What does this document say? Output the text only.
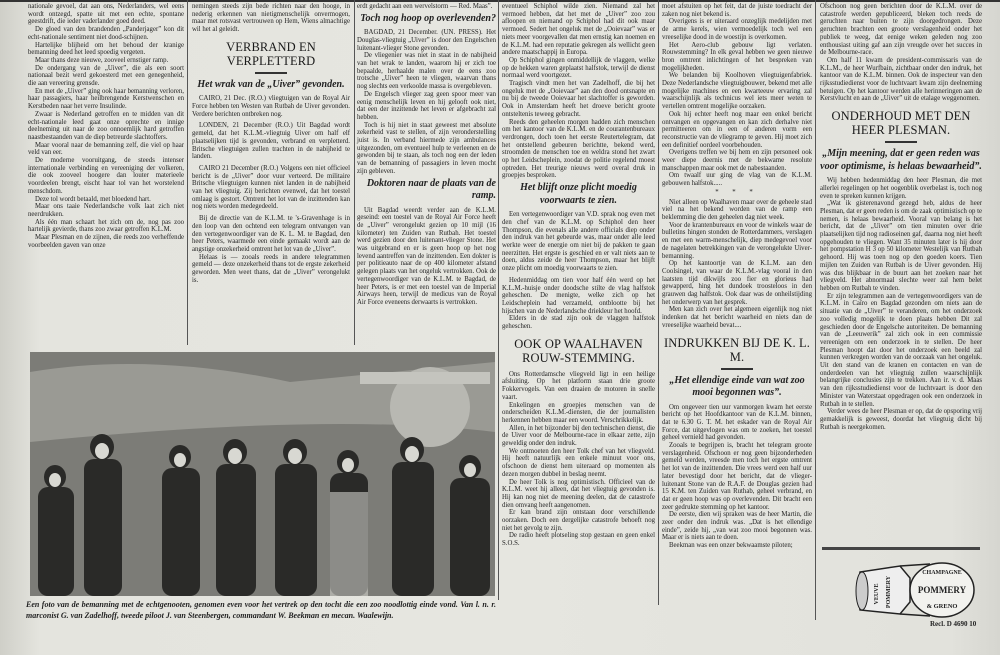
nationale gevoel, dat aan ons, Nederlanders, wel eens wordt ontzegd, spatte uit met een echte, spontane geestdrift, die ieder vaderlander goed deed.

De gloed van den brandenden „Panderjager” kon dit echt-nationale sentiment niet dood-schijnen.

Hartelijke blijheid om het behoud der kranige bemanning deed het leed spoedig vergeten.

Maar thans deze nieuwe, zooveel ernstiger ramp.

De ondergang van de „Uiver”, die als een soort nationaal bezit werd gekoesterd met een genegenheid, die aan vereering grensde.

En met de „Uiver” ging ook haar bemanning verloren, haar passagiers, haar heilbrengende Kerstwenschen en Kerstbeden naar het verre Insulinde.

Zwaar is Nederland getroffen en te midden van dit echt-nationale leed gaat onze oprechte en innige deelneming uit naar de zoo onnoemlijk hard getroffen naastbestaanden van de diep betreurde slachtoffers.

Maar vooral naar de bemanning zelf, die viel op haar veld van eer.

De moderne vooruitgang, de steeds intenser internationale verbinding en vereeniging der volkeren, die ook zooveel hoogere dan louter materieele voordeelen brengt, eischt haar tol van het worstelend menschdom.

Deze tol wordt betaald, met bloedend hart.

Maar ons taaie Nederlandsche volk laat zich niet neerdrukken.

Als één man schaart het zich om de, nog pas zoo hartelijk gevierde, thans zoo zwaar getroffen K.L.M.

Maar Plesman en de zijnen, die reeds zoo verheffende voorbeelden gaven van onze

nemingen steeds zijn bede richten naar den hooge, in nederig erkennen van nietigmenschelijk onvermogen, maar met rotsvast vertrouwen op Hem, Wiens almachtige wil het al geleidt.

VERBRAND EN VERPLETTERD
Het wrak van de „Uiver” gevonden.

CAIRO, 21 Dec. (R.O.) vliegtuigen van de Royal Air Force hebben ten Westen van Rutbah de Uiver gevonden. Verdere berichten ontbreken nog.

LONDEN, 21 December (R.O.) Uit Bagdad wordt gemeld, dat het K.L.M.-vliegtuig Uiver om half elf plaatselijken tijd is gevonden, verbrand en verpletterd. Britsche vliegtuigen zullen trachten in de nabijheid te landen.

CAIRO 21 December (R.O.) Volgens een niet officieel bericht is de „Uiver” door vuur verteerd. De militaire Britsche vliegtuigen kunnen niet landen in de nabijheid van het vliegtuig. Zij berichten evenwel, dat het toestel omlaag is gestort. Omtrent het lot van de inzittenden kan nog niets worden medegedeeld.

Bij de directie van de K.L.M. te 's-Gravenhage is in den loop van den ochtend een telegram ontvangen van den vertegenwoordiger van de K. L. M. te Bagdad, den heer Peters, waarmede een einde gemaakt wordt aan de angstige onzekerheid omtrent het lot van de „Uiver”.

Helaas is — zooals reeds in andere telegrammen gemeld — deze onzekerheid thans tot de ergste zekerheid geworden. Men weet thans, dat de „Uiver” verongelukt is.

erdt gedacht aan een wervelstorm — Red. Maas”.

Toch nog hoop op overlevenden?

BAGDAD, 21 December. (UN. PRESS). Het Douglas-vliegtuig „Uiver” is door den Engelschen luitenant-vlieger Stone gevonden.

De vliegenier was niet in staat in de nabijheid van het wrak te landen, waarom hij er zich toe bepaalde, herhaalde malen over de eens zoo trotsche „Uiver” heen te vliegen, waarvan thans nog slechts een verkoolde massa is overgebleven.

De Engelsch vlieger zag geen spoor meer van eenig menschelijk leven en hij gelooft ook niet, dat een der inzittende het leven er afgebracht zal hebben.

Toch is hij niet in staat geweest met absolute zekerheid vast te stellen, of zijn veronderstelling juist is. In verband hiermede zijn ambulances uitgezonden, om eventueel hulp te verleenen en de gewonden bij te staan, als toch nog een der leden van de bemanning of passagiers in leven mocht zijn gebleven.

Doktoren naar de plaats van de ramp.

Uit Bagdad weerdt verder aan de K.L.M. geseind: een toestel van de Royal Air Force heeft de „Uiver” verongelukt gezien op 10 mijl (16 kilometer) ten Zuiden van Rutbah. Het toestel werd gezien door den luitenant-vlieger Stone. Het was uitgebrand en er is geen hoop op het nog levend aantreffen van de inzittenden. Een dokter is per politieauto naar de op 400 kilometer afstand gelegen plaats van het ongeluk vertrokken. Ook de vertegenwoordiger van de K.L.M. te Bagdad, de heer Peters, is er met een toestel van de Imperial Airways heen, terwijl de medicus van de Royal Air Force eveneens derwaarts is vertrokken.

eventueel Schiphol wilde zien. Niemand zal het vermoed hebben, dat het met de „Uiver” zoo zou afloopen en niemand op Schiphol had dit ook maar vermoed. Sedert het ongeluk met de „Ooievaar” was er niets meer voorgevallen dat men ernstig kan noemen en de K.L.M. had een reputatie gekregen als wellicht geen andere maatschappij in Europa.

Op Schiphol gingen onmiddellijk de vlaggen, welke op de hekken waren geplaatst halfstok, terwijl de dienst normaal werd voortgezet.

Tragisch vindt men het van Zadelhoff, die bij het ongeluk met de „Ooievaar” aan den dood ontsnapte en nu bij de tweede Ooievaar het slachtoffer is geworden. Ook in Amsterdam heeft het droeve bericht groote ontsteltenis teweeg gebracht.

Reeds den geheelen morgen hadden zich menschen om het kantoor van de K.L.M. en de courantenbureaux verdrongen, doch toen het eerste Reutertelegram, dat het ontstellend gebeuren berichtte, bekend werd, stroomden de menschen toe en weldra stond het zwart op het Leidscheplein, zoodat de politie regelend moest optreden. Het treurige nieuws werd overal druk in groepjes besproken.

Het blijft onze plicht moedig voorwaarts te zien.

Een vertegenwoordiger van V.D. sprak nog even met den chef van de K.L.M. op Schiphol den heer Thompson, die evenals alle andere officials diep onder den indruk van het gebeurde was, maar onder alle leed werkte weer de energie om niet bij de pakken te gaan neerzitten. Het ergste is geschied en er valt niets aan te doen, aldus zeide de heer Thompson, maar het blijft onze plicht om moedig voorwaarts te zien.

Hedenmiddag om tien voor half één werd op het K.L.M.-huisje onder doodsche stilte de vlag halfstok geheschen. De menigte, welke zich op het Leidscheplein had verzameld, ontblootte bij het hijschen van de Nederlandsche driekleur het hoofd.

Elders in de stad zijn ook de vlaggen halfstok geheschen.

OOK OP WAALHAVEN ROUW-STEMMING.

Ons Rotterdamsche vliegveld ligt in een heilige afsluiting. Op het platform staan drie groote Fokkervogels. Van een draaien de motoren in snelle vaart.

Enkelingen en groepjes menschen van de onderscheiden K.L.M.-diensten, die der journalisten herkennen hebben maar een woord. Verschrikkelijk.

Allen, in het bijzonder bij den technischen dienst, die de Uiver voor de Melbourne-race in elkaar zette, zijn geweldig onder den indruk.

We ontmoeten den heer Tolk chef van het vliegveld. Hij heeft natuurlijk een enkele minuut voor ons, ofschoon de dienst hem uiteraard op momenten als dezen morgen dubbel in beslag neemt.

De heer Tolk is nog optimistisch. Officieel van de K.L.M. weet hij alleen, dat het vliegtuig gevonden is. Hij kan nog niet de meening deelen, dat de catastrofe dien omvang heeft aangenomen.

Er kan brand zijn ontstaan door verschillende oorzaken. Doch een dergelijke catastrofe behoeft nog niet het gevolg te zijn.

De radio heeft plotseling stop gestaan en geen enkel S.O.S.

moet afstuiten op het feit, dat de juiste toedracht der zaken nog niet bekend is.

Overigens is er uiteraard onzeglijk medelijden met de arme kerels, wien vermoedelijk toch wel een vreeselijke dood in de woestijn is overkomen.

Het Aero-club gebouw ligt verlaten. Rouwstemming? In elk geval hebben we geen nieuwe bron omtrent inlichtingen of het bespreken van mogelijkheden.

We belanden bij Koolhoven vliegtuigenfabriek. Deze Nederlandsche vliegtuigbouwer, bekend met alle mogelijke machines en een kwarteeuw ervaring zal waarschijnlijk als technicus wel iets meer weten te vertellen omtrent mogelijke oorzaken.

Ook hij echter heeft nog maar een enkel bericht ontvangen en opgevangen en kan zich derhalve niet permitteeren om in een of anderen vorm een reconstructie van de vliegramp te geven. Hij moet zich een definitief oordeel voorbehouden.

Overigens treffen we bij hem en zijn personeel ook weer diepe deernis met de bekwame resolute manschappen maar ook met de nabestaanden.

Om twaalf uur ging de vlag van de K.L.M. gebouwen halfstok.....

* * *

Niet alleen op Waalhaven maar over de geheele stad viel na het bekend worden van de ramp een beklemming die den geheelen dag niet week.

Voor de krantenbureaux en voor de winkels waar de bulletins hingen stonden de Rotterdammers, verslagen en met een warm-menschelijk, diep medegevoel voor de nagelaten betrekkingen van de verongelukte Uiver-bemanning.

Op het kantoortje van de K.L.M. aan den Coolsingel, van waar de K.L.M.-vlag vooral in den laatsten tijd dikwijls zoo fier en glorieus had gewapperd, hing het dundoek troosteloos in den grauwen dag halfstok. Ook daar was de onheilstijding het onderwerp van het gesprek.

Men kan zich over het algemeen eigenlijk nog niet indenken dat het bericht waarheid en niets dan de vreeselijke waarheid bevat....

INDRUKKEN BIJ DE K. L. M.
„Het ellendige einde van wat zoo mooi begonnen was”.

Om ongeveer tien uur vanmorgen kwam het eerste bericht op het Hoofdkantoor van de K.L.M. binnen, dat te 6.30 G. T. M. het eskader van de Royal Air Force, dat uitgevlogen was om te zoeken, het toestel geheel vernield had gevonden.

Zooals te begrijpen is, bracht het telegram groote verslagenheid. Ofschoon er nog geen bijzonderheden gemeld werden, vreesde men toch het ergste omtrent het lot van de inzittenden. Die vrees werd een half uur later bevestigd door het bericht, dat de vlieger-luitenant Stone van de R.A.F. de Douglas gezien had 15 K.M. ten Zuiden van Ruthab, geheel verbrand, en dat er geen hoop was op overlevenden. Dit bracht een zeer gedrukte stemming op het kantoor.

De eerste, dien wij spraken was de heer Martin, die zeer onder den indruk was. „Dat is het ellendige einde”, zeide hij, „van wat zoo mooi begonnen was. Maar er is niets aan te doen.

Beekman was een onzer bekwaamste piloten;

Ofschoon nog geen berichten door de K.L.M. over de catastrofe werden gepubliceerd, bleken toch reeds de geruchten naar buiten te zijn doorgedrongen. Deze geruchten brachten een groote verslagenheid onder het publiek te weeg, dat eenige weken geleden nog zoo enthousiast uiting gaf aan zijn vreugde over het succes in de Melbourne-race.

Om half 11 kwam de president-commissaris van de K.L.M., de heer Wurfbain, zichtbaar onder den indruk, het kantoor van de K.L.M. binnen. Ook de inspecteur van den rijksstudiedienst voor de luchtvaart kwam zijn deelneming betuigen. Op het kantoor werden alle herinneringen aan de Kerstvlucht en aan de „Uiver” uit de etalage weggenomen.

ONDERHOUD MET DEN HEER PLESMAN.
„Mijn meening, dat er geen reden was voor optimisme, is helaas bewaarheid”.

Wij hebben hedenmiddag den heer Plesman, die met allerlei regelingen op het oogenblik overbelast is, toch nog even te spreken kunnen krijgen.

„Wat ik gisterenavond gezegd heb, aldus de heer Plesman, dat er geen reden is om de zaak optimistisch op te nemen, is helaas bewaarheid. Vooral van belang is het bericht, dat de „Uiver” om tien minuten over drie plaatselijken tijd nog radioseinen gaf, daarna nog niet heeft opgehouden te vliegen. Want 35 minuten later is hij door het pompstation H 3 op 50 kilometer Westelijk van Rutbah gehoord. Hij was toen nog op den goeden koers. Tien mijlen ten Zuiden van Rutbah is de Uiver gevonden. Hij was dus blijkbaar in de buurt aan het zoeken naar het vliegveld. Het abnormaal slechte weer zal hem belet hebben om Rutbah te vinden.

Er zijn telegrammen aan de vertegenwoordigers van de K.L.M. in Caïro en Bagdad gezonden om niets aan de situatie van de „Uiver” te veranderen, om het onderzoek zoo volledig mogelijk te doen plaats hebben Dit zal geschieden door de Engelsche autoriteiten. De bemanning van de „Leeuwerik” zal zich ook in een commissie vereenigen om een onderzoek in te stellen. De heer Plesman hoopt dat door het onderzoek een beeld zal kunnen verkregen worden van de oorzaak van het ongeluk. Uit den stand van de kranen en contacten en van de onderdeelen van het vliegtuig zullen waarschijnlijk belangrijke conclusies zijn te trekken. Aan ir. v. d. Maas van den rijksstudiedienst voor de luchtvaart is door den Minister van Waterstaat opgedragen ook een onderzoek in Rutbah in te stellen.

Verder wees de heer Plesman er op, dat de opsporing vrij gemakkelijk is geweest, doordat het vliegtuig dicht bij Rutbah is neergekomen.

Een foto van de bemanning met de echtgenooten, genomen even voor het vertrek op den tocht die een zoo noodlottig einde vond. Van l. n. r. marconist G. van Zadelhoff, tweede piloot J. van Steenbergen, commandant W. Beekman en mecan. Waalewijn.
VEUVE POMMERY
CHAMPAGNE
POMMERY
& GRENO
Recl. D 4690 10
